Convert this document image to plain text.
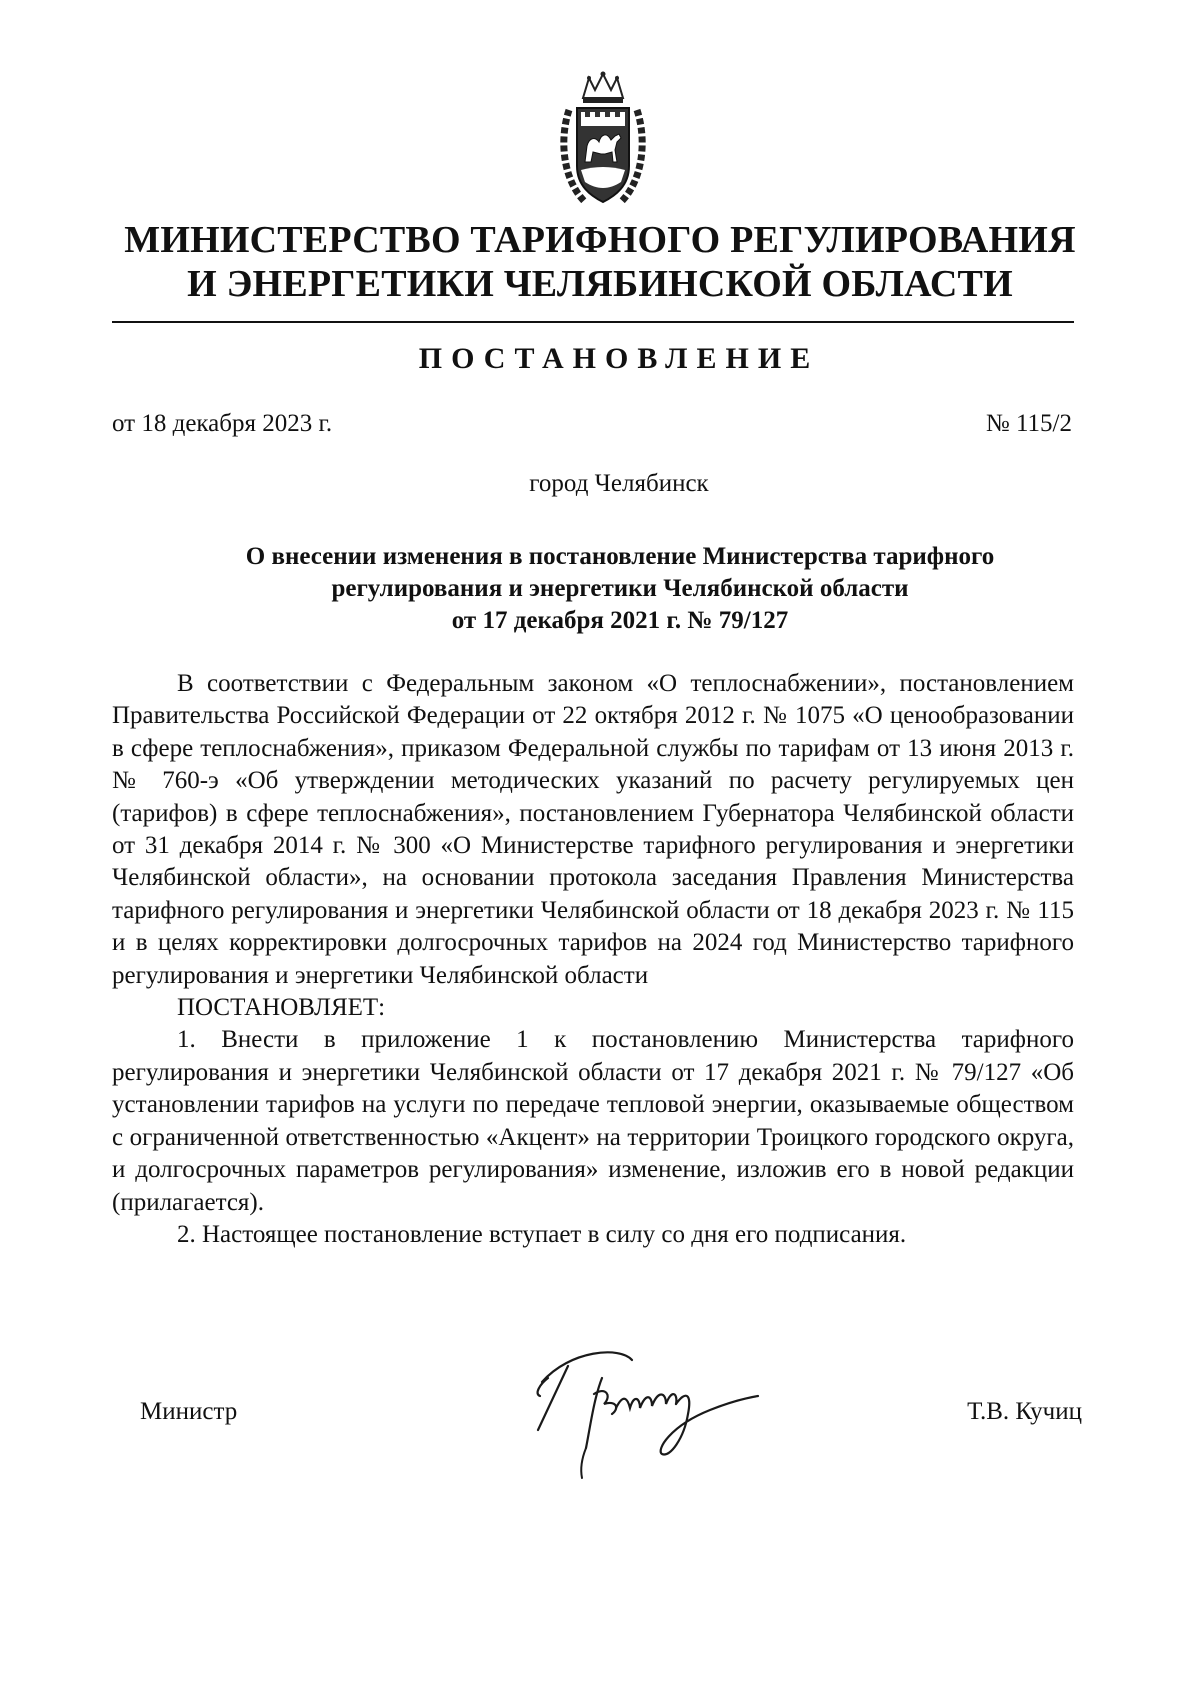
МИНИСТЕРСТВО ТАРИФНОГО РЕГУЛИРОВАНИЯ
И ЭНЕРГЕТИКИ ЧЕЛЯБИНСКОЙ ОБЛАСТИ
ПОСТАНОВЛЕНИЕ
от 18 декабря 2023 г.	№ 115/2
город Челябинск
О внесении изменения в постановление Министерства тарифного
регулирования и энергетики Челябинской области
от 17 декабря 2021 г. № 79/127

В соответствии с Федеральным законом «О теплоснабжении», постановлением Правительства Российской Федерации от 22 октября 2012 г. № 1075 «О ценообразовании в сфере теплоснабжения», приказом Федеральной службы по тарифам от 13 июня 2013 г. № 760-э «Об утверждении методических указаний по расчету регулируемых цен (тарифов) в сфере теплоснабжения», постановлением Губернатора Челябинской области от 31 декабря 2014 г. № 300 «О Министерстве тарифного регулирования и энергетики Челябинской области», на основании протокола заседания Правления Министерства тарифного регулирования и энергетики Челябинской области от 18 декабря 2023 г. № 115 и в целях корректировки долгосрочных тарифов на 2024 год Министерство тарифного регулирования и энергетики Челябинской области

ПОСТАНОВЛЯЕТ:

1. Внести в приложение 1 к постановлению Министерства тарифного регулирования и энергетики Челябинской области от 17 декабря 2021 г. № 79/127 «Об установлении тарифов на услуги по передаче тепловой энергии, оказываемые обществом с ограниченной ответственностью «Акцент» на территории Троицкого городского округа, и долгосрочных параметров регулирования» изменение, изложив его в новой редакции (прилагается).

2. Настоящее постановление вступает в силу со дня его подписания.

Министр	Т.В. Кучиц
